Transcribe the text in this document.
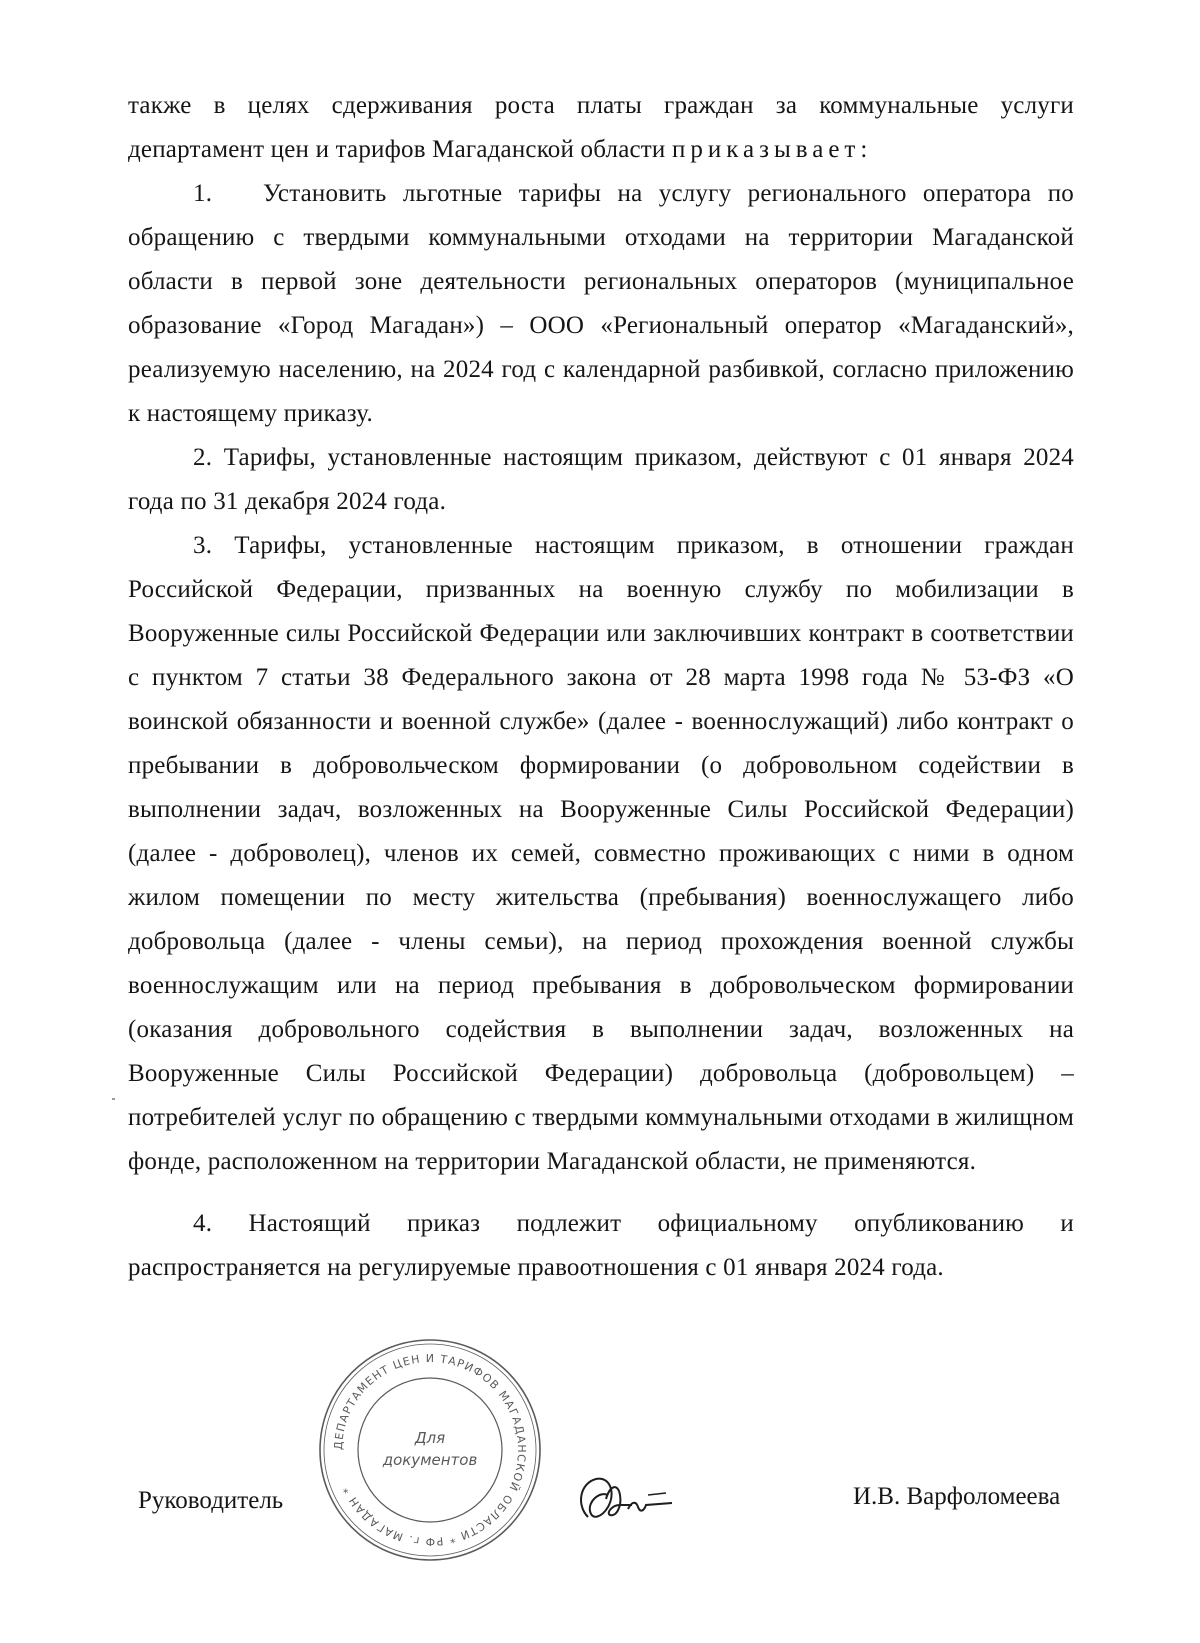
также в целях сдерживания роста платы граждан за коммунальные услуги департамент цен и тарифов Магаданской области приказывает:
1. Установить льготные тарифы на услугу регионального оператора по обращению с твердыми коммунальными отходами на территории Магаданской области в первой зоне деятельности региональных операторов (муниципальное образование «Город Магадан») – ООО «Региональный оператор «Магаданский», реализуемую населению, на 2024 год с календарной разбивкой, согласно приложению к настоящему приказу.
2. Тарифы, установленные настоящим приказом, действуют с 01 января 2024 года по 31 декабря 2024 года.
3. Тарифы, установленные настоящим приказом, в отношении граждан Российской Федерации, призванных на военную службу по мобилизации в Вооруженные силы Российской Федерации или заключивших контракт в соответствии с пунктом 7 статьи 38 Федерального закона от 28 марта 1998 года № 53-ФЗ «О воинской обязанности и военной службе» (далее - военнослужащий) либо контракт о пребывании в добровольческом формировании (о добровольном содействии в выполнении задач, возложенных на Вооруженные Силы Российской Федерации) (далее - доброволец), членов их семей, совместно проживающих с ними в одном жилом помещении по месту жительства (пребывания) военнослужащего либо добровольца (далее - члены семьи), на период прохождения военной службы военнослужащим или на период пребывания в добровольческом формировании (оказания добровольного содействия в выполнении задач, возложенных на Вооруженные Силы Российской Федерации) добровольца (добровольцем) – потребителей услуг по обращению с твердыми коммунальными отходами в жилищном фонде, расположенном на территории Магаданской области, не применяются.
4. Настоящий приказ подлежит официальному опубликованию и распространяется на регулируемые правоотношения с 01 января 2024 года.
Руководитель
ДЕПАРТАМЕНТ ЦЕН И ТАРИФОВ МАГАДАНСКОЙ ОБЛАСТИ * РФ г. МАГАДАН *
Для
документов
И.В. Варфоломеева
